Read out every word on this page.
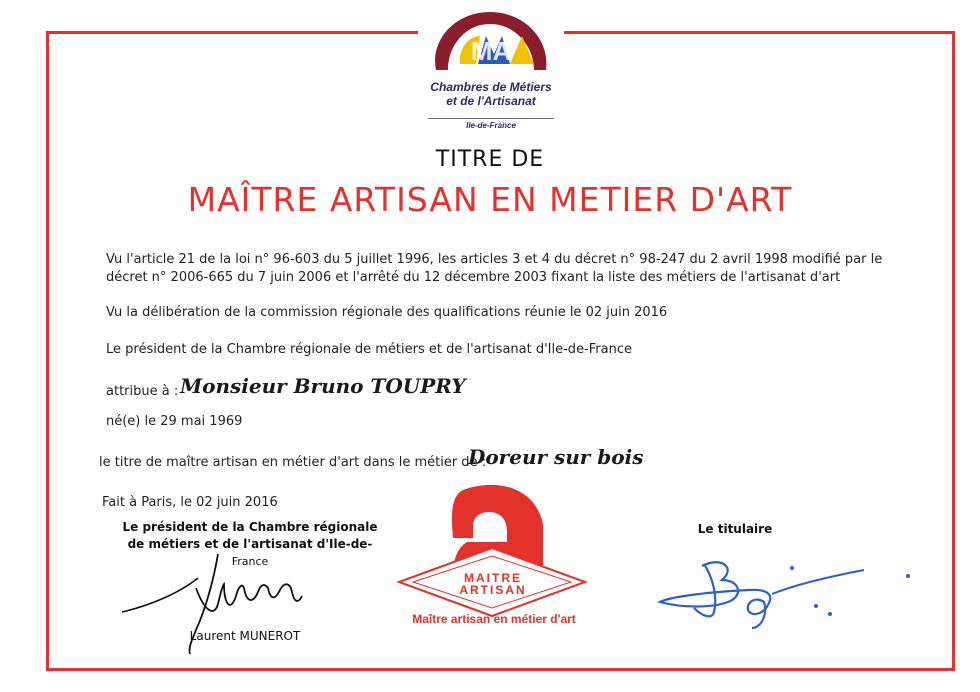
MA
Chambres de Métiers
et de l'Artisanat
Ile-de-France
TITRE DE
MAÎTRE ARTISAN EN METIER D'ART
Vu l'article 21 de la loi n° 96-603 du 5 juillet 1996, les articles 3 et 4 du décret n° 98-247 du 2 avril 1998 modifié par le
décret n° 2006-665 du 7 juin 2006 et l'arrêté du 12 décembre 2003 fixant la liste des métiers de l'artisanat d'art
Vu la délibération de la commission régionale des qualifications réunie le 02 juin 2016
Le président de la Chambre régionale de métiers et de l'artisanat d'Ile-de-France
attribue à : Monsieur Bruno TOUPRY
né(e) le 29 mai 1969
le titre de maître artisan en métier d'art dans le métier de :
Doreur sur bois
Fait à Paris, le 02 juin 2016
Le président de la Chambre régionale
de métiers et de l'artisanat d'Ile-de-
France
Laurent MUNEROT
MAITRE
ARTISAN
Maître artisan en métier d'art
Le titulaire
